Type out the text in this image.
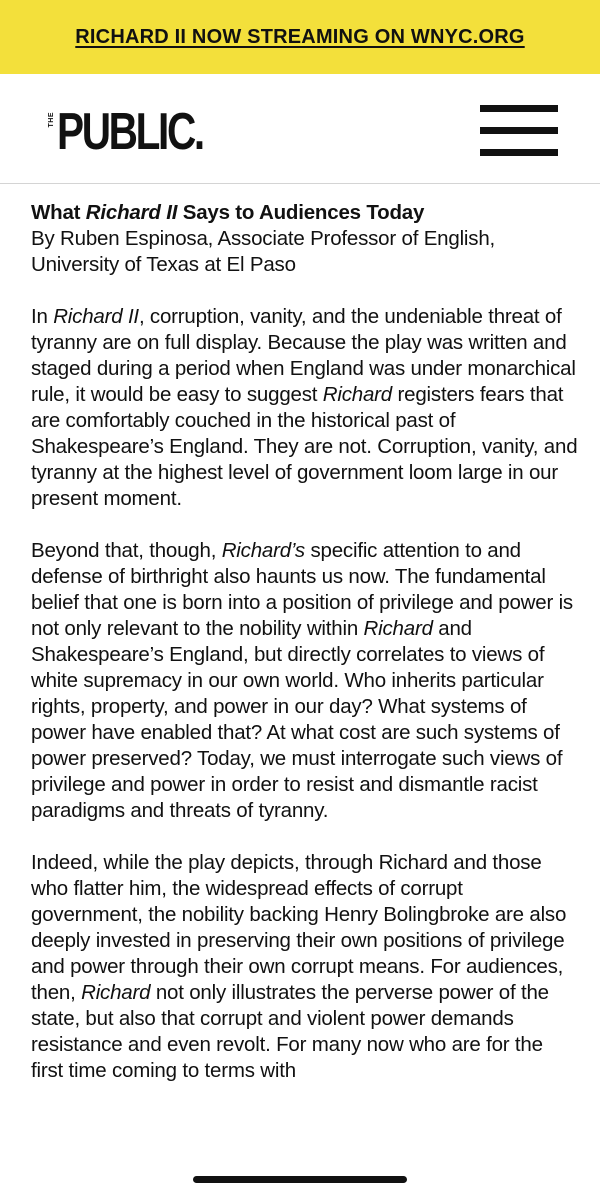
RICHARD II NOW STREAMING ON WNYC.ORG
THE PUBLIC.
What Richard II Says to Audiences Today
By Ruben Espinosa, Associate Professor of English, University of Texas at El Paso

In Richard II, corruption, vanity, and the undeniable threat of tyranny are on full display. Because the play was written and staged during a period when England was under monarchical rule, it would be easy to suggest Richard registers fears that are comfortably couched in the historical past of Shakespeare’s England. They are not. Corruption, vanity, and tyranny at the highest level of government loom large in our present moment.

Beyond that, though, Richard’s specific attention to and defense of birthright also haunts us now. The fundamental belief that one is born into a position of privilege and power is not only relevant to the nobility within Richard and Shakespeare’s England, but directly correlates to views of white supremacy in our own world. Who inherits particular rights, property, and power in our day? What systems of power have enabled that? At what cost are such systems of power preserved? Today, we must interrogate such views of privilege and power in order to resist and dismantle racist paradigms and threats of tyranny.

Indeed, while the play depicts, through Richard and those who flatter him, the widespread effects of corrupt government, the nobility backing Henry Bolingbroke are also deeply invested in preserving their own positions of privilege and power through their own corrupt means. For audiences, then, Richard not only illustrates the perverse power of the state, but also that corrupt and violent power demands resistance and even revolt. For many now who are for the first time coming to terms with
